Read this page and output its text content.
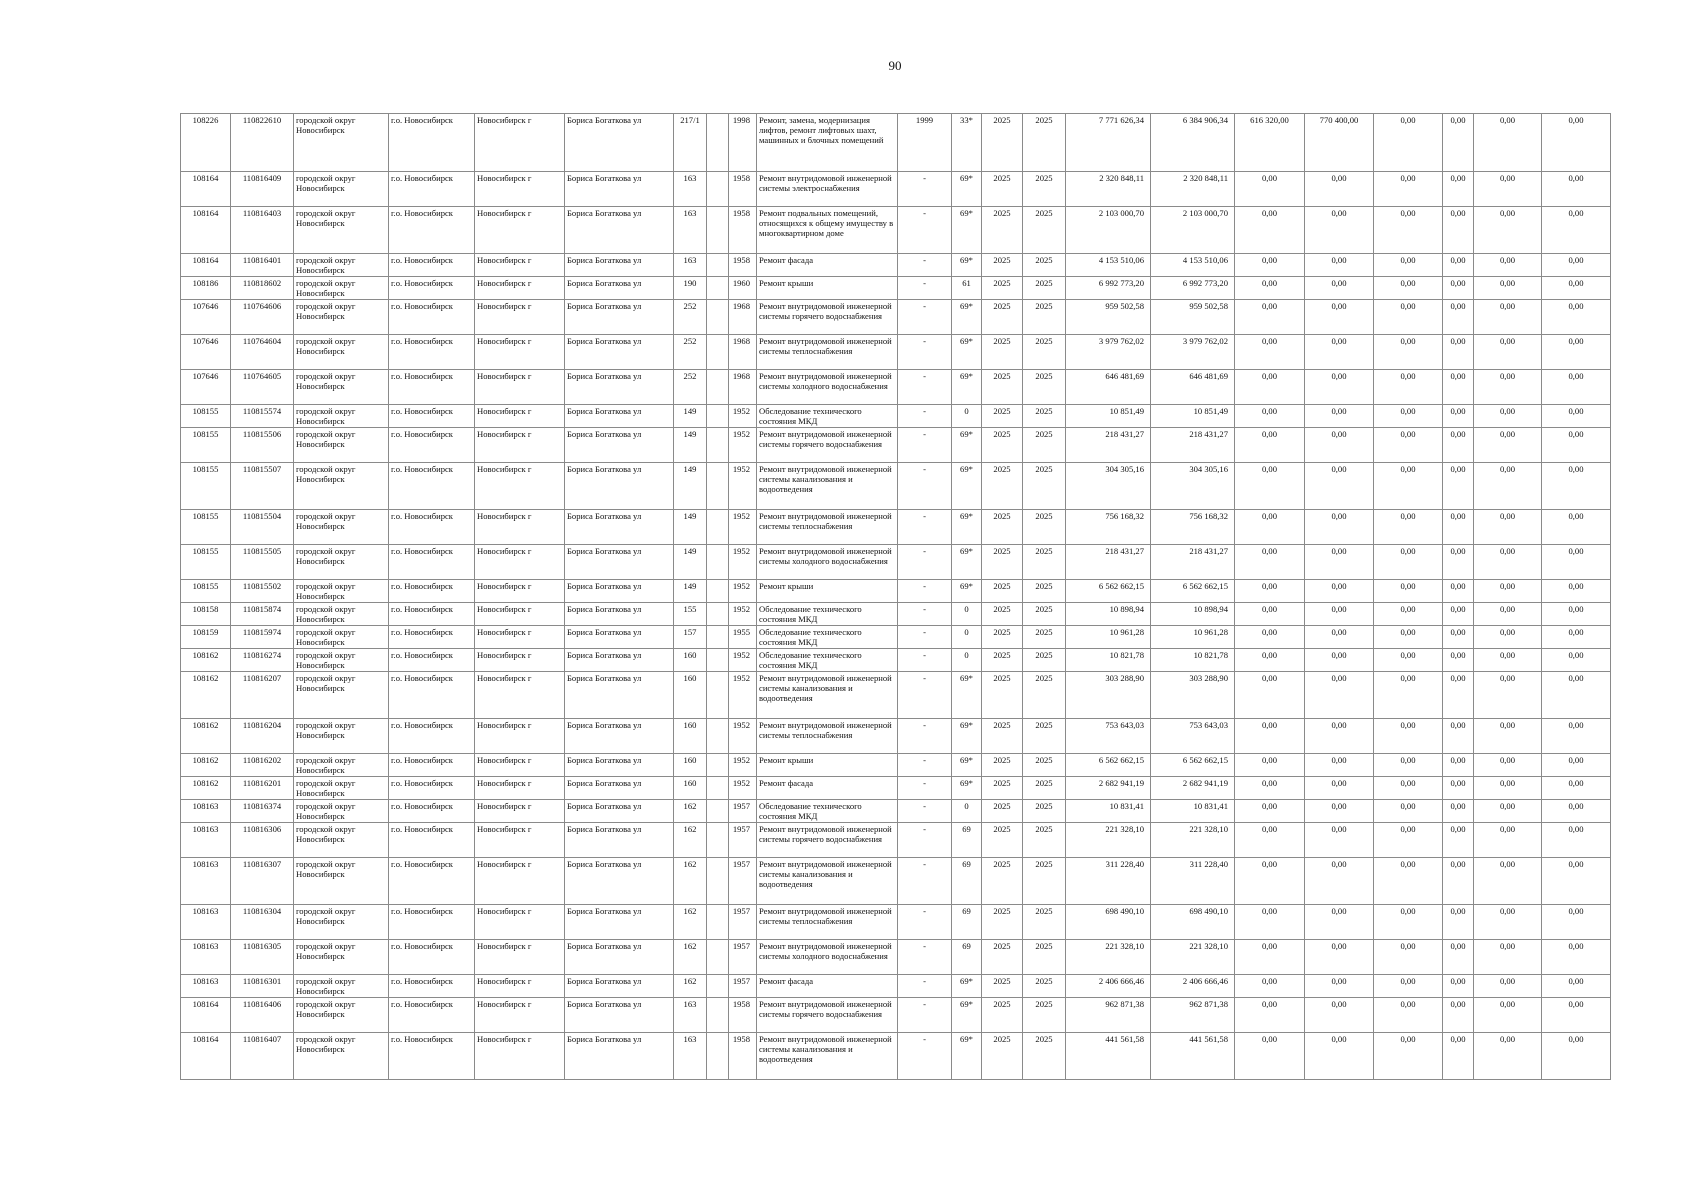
90
108226	110822610	городской округ Новосибирск	г.о. Новосибирск	Новосибирск г	Бориса Богаткова ул	217/1		1998	Ремонт, замена, модернизация лифтов, ремонт лифтовых шахт, машинных и блочных помещений	1999	33*	2025	2025	7 771 626,34	6 384 906,34	616 320,00	770 400,00	0,00	0,00	0,00	0,00
108164	110816409	городской округ Новосибирск	г.о. Новосибирск	Новосибирск г	Бориса Богаткова ул	163		1958	Ремонт внутридомовой инженерной системы электроснабжения	-	69*	2025	2025	2 320 848,11	2 320 848,11	0,00	0,00	0,00	0,00	0,00	0,00
108164	110816403	городской округ Новосибирск	г.о. Новосибирск	Новосибирск г	Бориса Богаткова ул	163		1958	Ремонт подвальных помещений, относящихся к общему имуществу в многоквартирном доме	-	69*	2025	2025	2 103 000,70	2 103 000,70	0,00	0,00	0,00	0,00	0,00	0,00
108164	110816401	городской округ Новосибирск	г.о. Новосибирск	Новосибирск г	Бориса Богаткова ул	163		1958	Ремонт фасада	-	69*	2025	2025	4 153 510,06	4 153 510,06	0,00	0,00	0,00	0,00	0,00	0,00
108186	110818602	городской округ Новосибирск	г.о. Новосибирск	Новосибирск г	Бориса Богаткова ул	190		1960	Ремонт крыши	-	61	2025	2025	6 992 773,20	6 992 773,20	0,00	0,00	0,00	0,00	0,00	0,00
107646	110764606	городской округ Новосибирск	г.о. Новосибирск	Новосибирск г	Бориса Богаткова ул	252		1968	Ремонт внутридомовой инженерной системы горячего водоснабжения	-	69*	2025	2025	959 502,58	959 502,58	0,00	0,00	0,00	0,00	0,00	0,00
107646	110764604	городской округ Новосибирск	г.о. Новосибирск	Новосибирск г	Бориса Богаткова ул	252		1968	Ремонт внутридомовой инженерной системы теплоснабжения	-	69*	2025	2025	3 979 762,02	3 979 762,02	0,00	0,00	0,00	0,00	0,00	0,00
107646	110764605	городской округ Новосибирск	г.о. Новосибирск	Новосибирск г	Бориса Богаткова ул	252		1968	Ремонт внутридомовой инженерной системы холодного водоснабжения	-	69*	2025	2025	646 481,69	646 481,69	0,00	0,00	0,00	0,00	0,00	0,00
108155	110815574	городской округ Новосибирск	г.о. Новосибирск	Новосибирск г	Бориса Богаткова ул	149		1952	Обследование технического состояния МКД	-	0	2025	2025	10 851,49	10 851,49	0,00	0,00	0,00	0,00	0,00	0,00
108155	110815506	городской округ Новосибирск	г.о. Новосибирск	Новосибирск г	Бориса Богаткова ул	149		1952	Ремонт внутридомовой инженерной системы горячего водоснабжения	-	69*	2025	2025	218 431,27	218 431,27	0,00	0,00	0,00	0,00	0,00	0,00
108155	110815507	городской округ Новосибирск	г.о. Новосибирск	Новосибирск г	Бориса Богаткова ул	149		1952	Ремонт внутридомовой инженерной системы канализования и водоотведения	-	69*	2025	2025	304 305,16	304 305,16	0,00	0,00	0,00	0,00	0,00	0,00
108155	110815504	городской округ Новосибирск	г.о. Новосибирск	Новосибирск г	Бориса Богаткова ул	149		1952	Ремонт внутридомовой инженерной системы теплоснабжения	-	69*	2025	2025	756 168,32	756 168,32	0,00	0,00	0,00	0,00	0,00	0,00
108155	110815505	городской округ Новосибирск	г.о. Новосибирск	Новосибирск г	Бориса Богаткова ул	149		1952	Ремонт внутридомовой инженерной системы холодного водоснабжения	-	69*	2025	2025	218 431,27	218 431,27	0,00	0,00	0,00	0,00	0,00	0,00
108155	110815502	городской округ Новосибирск	г.о. Новосибирск	Новосибирск г	Бориса Богаткова ул	149		1952	Ремонт крыши	-	69*	2025	2025	6 562 662,15	6 562 662,15	0,00	0,00	0,00	0,00	0,00	0,00
108158	110815874	городской округ Новосибирск	г.о. Новосибирск	Новосибирск г	Бориса Богаткова ул	155		1952	Обследование технического состояния МКД	-	0	2025	2025	10 898,94	10 898,94	0,00	0,00	0,00	0,00	0,00	0,00
108159	110815974	городской округ Новосибирск	г.о. Новосибирск	Новосибирск г	Бориса Богаткова ул	157		1955	Обследование технического состояния МКД	-	0	2025	2025	10 961,28	10 961,28	0,00	0,00	0,00	0,00	0,00	0,00
108162	110816274	городской округ Новосибирск	г.о. Новосибирск	Новосибирск г	Бориса Богаткова ул	160		1952	Обследование технического состояния МКД	-	0	2025	2025	10 821,78	10 821,78	0,00	0,00	0,00	0,00	0,00	0,00
108162	110816207	городской округ Новосибирск	г.о. Новосибирск	Новосибирск г	Бориса Богаткова ул	160		1952	Ремонт внутридомовой инженерной системы канализования и водоотведения	-	69*	2025	2025	303 288,90	303 288,90	0,00	0,00	0,00	0,00	0,00	0,00
108162	110816204	городской округ Новосибирск	г.о. Новосибирск	Новосибирск г	Бориса Богаткова ул	160		1952	Ремонт внутридомовой инженерной системы теплоснабжения	-	69*	2025	2025	753 643,03	753 643,03	0,00	0,00	0,00	0,00	0,00	0,00
108162	110816202	городской округ Новосибирск	г.о. Новосибирск	Новосибирск г	Бориса Богаткова ул	160		1952	Ремонт крыши	-	69*	2025	2025	6 562 662,15	6 562 662,15	0,00	0,00	0,00	0,00	0,00	0,00
108162	110816201	городской округ Новосибирск	г.о. Новосибирск	Новосибирск г	Бориса Богаткова ул	160		1952	Ремонт фасада	-	69*	2025	2025	2 682 941,19	2 682 941,19	0,00	0,00	0,00	0,00	0,00	0,00
108163	110816374	городской округ Новосибирск	г.о. Новосибирск	Новосибирск г	Бориса Богаткова ул	162		1957	Обследование технического состояния МКД	-	0	2025	2025	10 831,41	10 831,41	0,00	0,00	0,00	0,00	0,00	0,00
108163	110816306	городской округ Новосибирск	г.о. Новосибирск	Новосибирск г	Бориса Богаткова ул	162		1957	Ремонт внутридомовой инженерной системы горячего водоснабжения	-	69	2025	2025	221 328,10	221 328,10	0,00	0,00	0,00	0,00	0,00	0,00
108163	110816307	городской округ Новосибирск	г.о. Новосибирск	Новосибирск г	Бориса Богаткова ул	162		1957	Ремонт внутридомовой инженерной системы канализования и водоотведения	-	69	2025	2025	311 228,40	311 228,40	0,00	0,00	0,00	0,00	0,00	0,00
108163	110816304	городской округ Новосибирск	г.о. Новосибирск	Новосибирск г	Бориса Богаткова ул	162		1957	Ремонт внутридомовой инженерной системы теплоснабжения	-	69	2025	2025	698 490,10	698 490,10	0,00	0,00	0,00	0,00	0,00	0,00
108163	110816305	городской округ Новосибирск	г.о. Новосибирск	Новосибирск г	Бориса Богаткова ул	162		1957	Ремонт внутридомовой инженерной системы холодного водоснабжения	-	69	2025	2025	221 328,10	221 328,10	0,00	0,00	0,00	0,00	0,00	0,00
108163	110816301	городской округ Новосибирск	г.о. Новосибирск	Новосибирск г	Бориса Богаткова ул	162		1957	Ремонт фасада	-	69*	2025	2025	2 406 666,46	2 406 666,46	0,00	0,00	0,00	0,00	0,00	0,00
108164	110816406	городской округ Новосибирск	г.о. Новосибирск	Новосибирск г	Бориса Богаткова ул	163		1958	Ремонт внутридомовой инженерной системы горячего водоснабжения	-	69*	2025	2025	962 871,38	962 871,38	0,00	0,00	0,00	0,00	0,00	0,00
108164	110816407	городской округ Новосибирск	г.о. Новосибирск	Новосибирск г	Бориса Богаткова ул	163		1958	Ремонт внутридомовой инженерной системы канализования и водоотведения	-	69*	2025	2025	441 561,58	441 561,58	0,00	0,00	0,00	0,00	0,00	0,00
